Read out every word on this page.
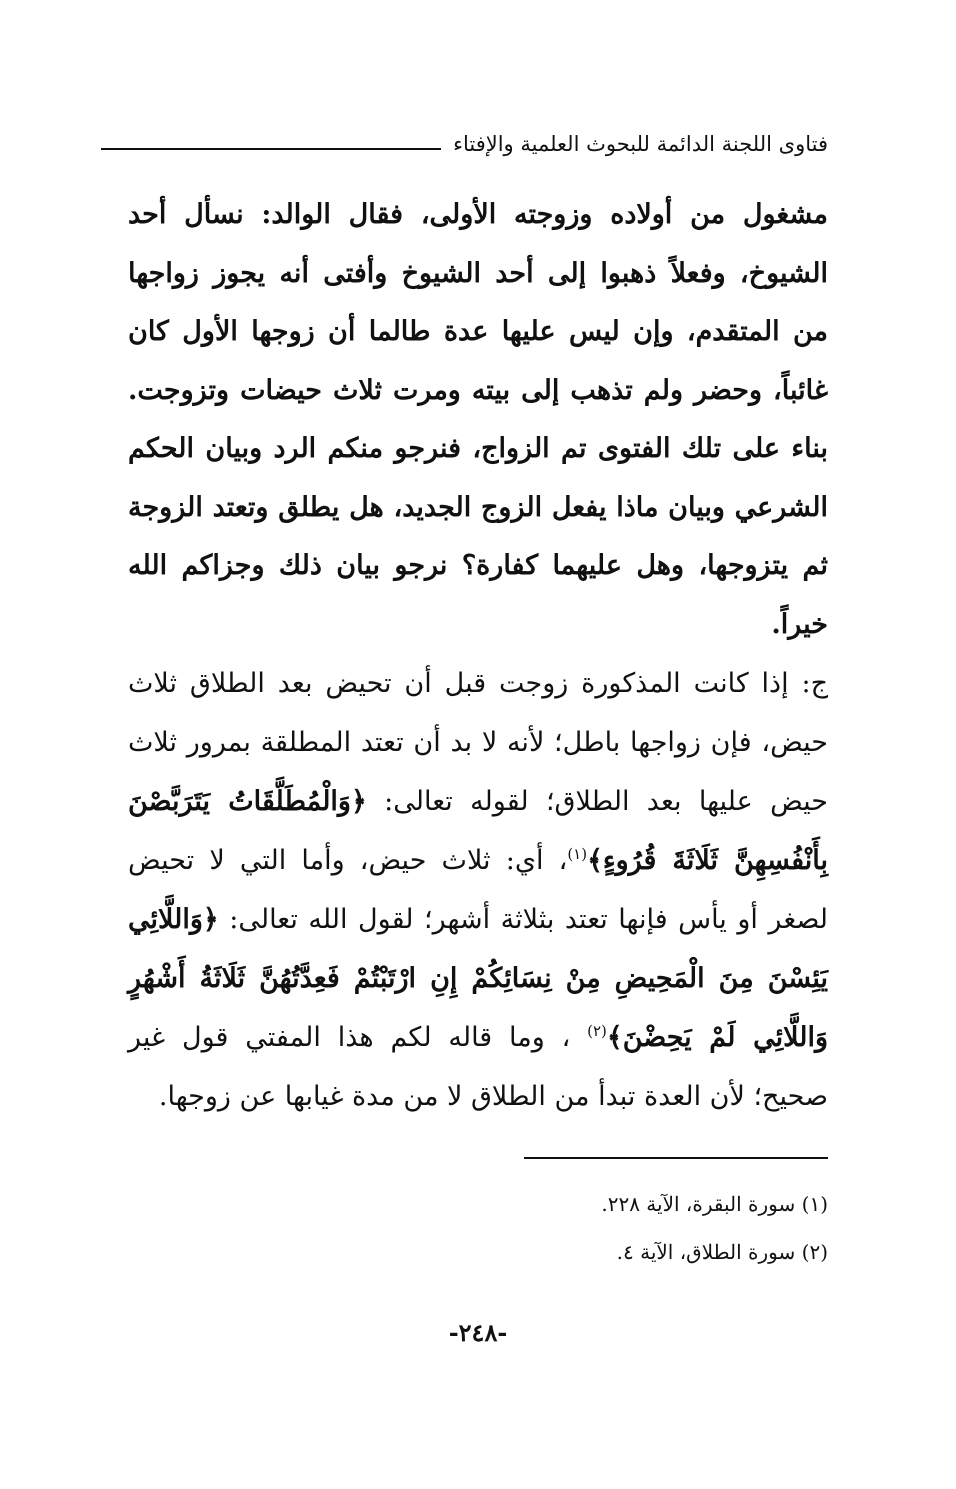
فتاوى اللجنة الدائمة للبحوث العلمية والإفتاء
مشغول من أولاده وزوجته الأولى، فقال الوالد: نسأل أحد الشيوخ، وفعلاً ذهبوا إلى أحد الشيوخ وأفتى أنه يجوز زواجها من المتقدم، وإن ليس عليها عدة طالما أن زوجها الأول كان غائباً، وحضر ولم تذهب إلى بيته ومرت ثلاث حيضات وتزوجت. بناء على تلك الفتوى تم الزواج، فنرجو منكم الرد وبيان الحكم الشرعي وبيان ماذا يفعل الزوج الجديد، هل يطلق وتعتد الزوجة ثم يتزوجها، وهل عليهما كفارة؟ نرجو بيان ذلك وجزاكم الله خيراً.
ج: إذا كانت المذكورة زوجت قبل أن تحيض بعد الطلاق ثلاث حيض، فإن زواجها باطل؛ لأنه لا بد أن تعتد المطلقة بمرور ثلاث حيض عليها بعد الطلاق؛ لقوله تعالى: ﴿وَالْمُطَلَّقَاتُ يَتَرَبَّصْنَ بِأَنْفُسِهِنَّ ثَلَاثَةَ قُرُوءٍ﴾$^{(١)}$، أي: ثلاث حيض، وأما التي لا تحيض لصغر أو يأس فإنها تعتد بثلاثة أشهر؛ لقول الله تعالى: ﴿وَاللَّائِي يَئِسْنَ مِنَ الْمَحِيضِ مِنْ نِسَائِكُمْ إِنِ ارْتَبْتُمْ فَعِدَّتُهُنَّ ثَلَاثَةُ أَشْهُرٍ وَاللَّائِي لَمْ يَحِضْنَ﴾$^{(٢)}$ ، وما قاله لكم هذا المفتي قول غير صحيح؛ لأن العدة تبدأ من الطلاق لا من مدة غيابها عن زوجها.
(١) سورة البقرة، الآية ٢٢٨.
(٢) سورة الطلاق، الآية ٤.
-٢٤٨-
